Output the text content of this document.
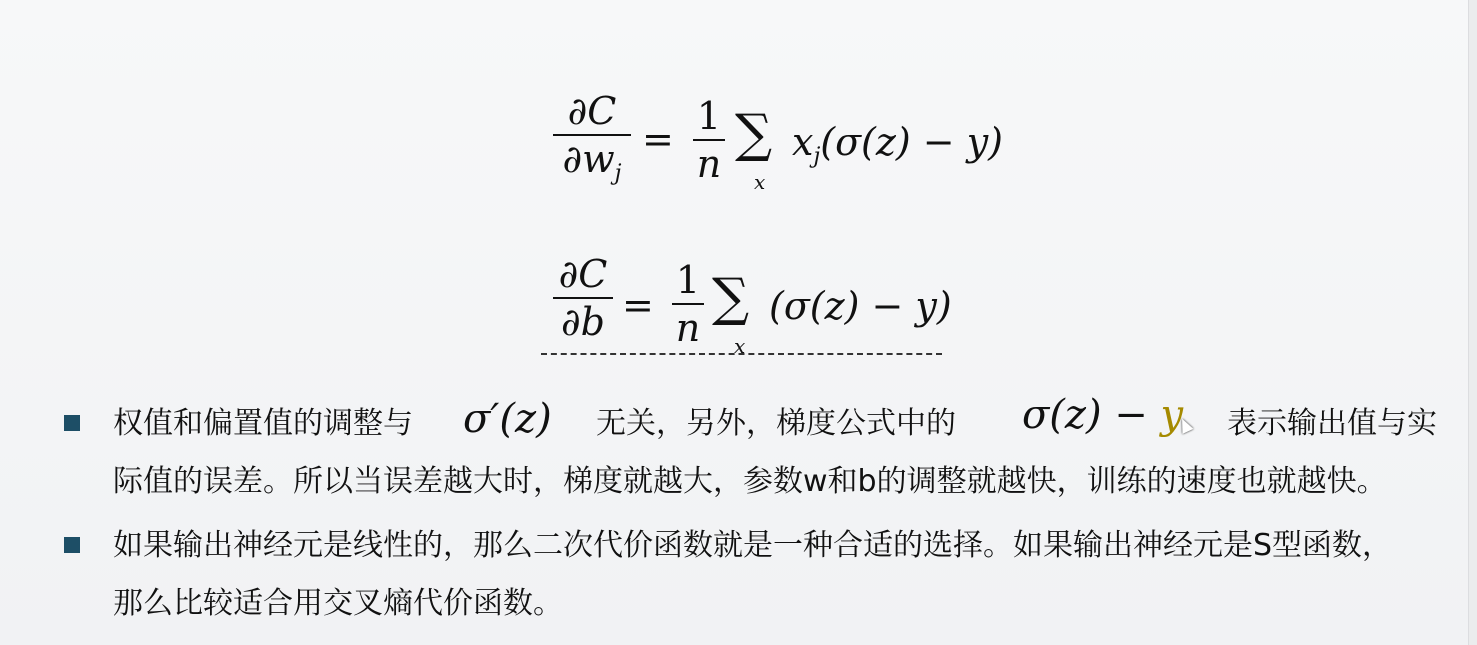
∂C
$\partial w_j$
=
1
n ∑
x
$x_j(\sigma(z) - y)$
∂C
∂b =
1
n ∑
x
(σ(z) − y)
权值和偏置值的调整与 σ′(z) 无关，另外，梯度公式中的 σ(z) − y 表示输出值与实
际值的误差。所以当误差越大时，梯度就越大，参数w和b的调整就越快，训练的速度也就越快。
如果输出神经元是线性的，那么二次代价函数就是一种合适的选择。如果输出神经元是S型函数，
那么比较适合用交叉熵代价函数。
